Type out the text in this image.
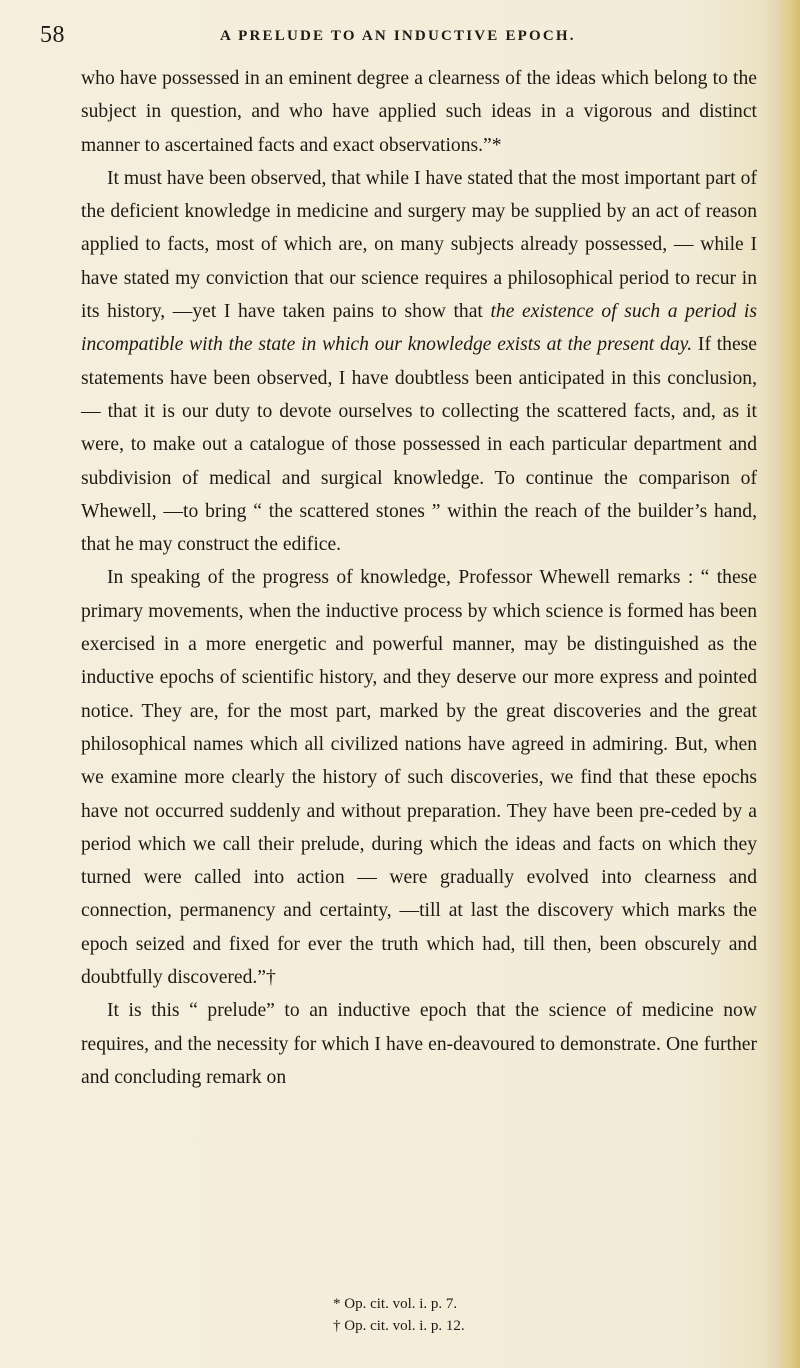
58	A PRELUDE TO AN INDUCTIVE EPOCH.

who have possessed in an eminent degree a clearness of the ideas which belong to the subject in question, and who have applied such ideas in a vigorous and distinct manner to ascertained facts and exact observations.”*

It must have been observed, that while I have stated that the most important part of the deficient knowledge in medicine and surgery may be supplied by an act of reason applied to facts, most of which are, on many subjects already possessed, — while I have stated my conviction that our science requires a philosophical period to recur in its history, —yet I have taken pains to show that the existence of such a period is incompatible with the state in which our knowledge exists at the present day. If these statements have been observed, I have doubtless been anticipated in this conclusion,— that it is our duty to devote ourselves to collecting the scattered facts, and, as it were, to make out a catalogue of those possessed in each particular department and subdivision of medical and surgical knowledge. To continue the comparison of Whewell, —to bring “ the scattered stones ” within the reach of the builder’s hand, that he may construct the edifice.

In speaking of the progress of knowledge, Professor Whewell remarks : “ these primary movements, when the inductive process by which science is formed has been exercised in a more energetic and powerful manner, may be distinguished as the inductive epochs of scientific history, and they deserve our more express and pointed notice. They are, for the most part, marked by the great discoveries and the great philosophical names which all civilized nations have agreed in admiring. But, when we examine more clearly the history of such discoveries, we find that these epochs have not occurred suddenly and without preparation. They have been pre-ceded by a period which we call their prelude, during which the ideas and facts on which they turned were called into action — were gradually evolved into clearness and connection, permanency and certainty, —till at last the discovery which marks the epoch seized and fixed for ever the truth which had, till then, been obscurely and doubtfully discovered.”†

It is this “ prelude” to an inductive epoch that the science of medicine now requires, and the necessity for which I have en-deavoured to demonstrate. One further and concluding remark on

* Op. cit. vol. i. p. 7.
† Op. cit. vol. i. p. 12.
